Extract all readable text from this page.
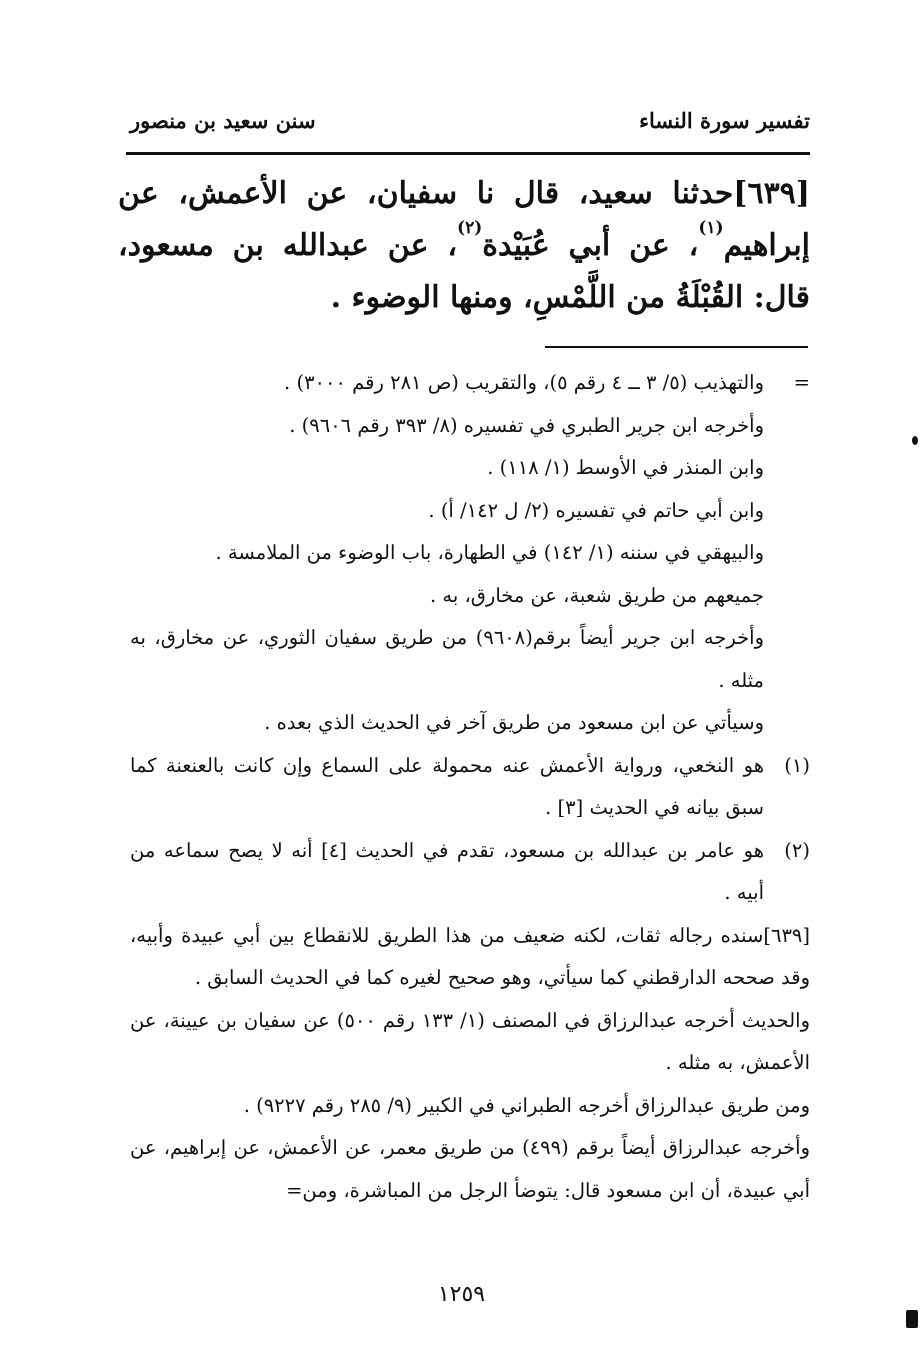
تفسير سورة النساء
سنن سعيد بن منصور
[٦٣٩]حدثنا سعيد، قال نا سفيان، عن الأعمش، عن إبراهيم$^{(١)}$، عن أبي عُبَيْدة$^{(٢)}$، عن عبدالله بن مسعود، قال: القُبْلَةُ من اللَّمْسِ، ومنها الوضوء .
=
والتهذيب (٥/ ٣ ــ ٤ رقم ٥)، والتقريب (ص ٢٨١ رقم ٣٠٠٠) .
وأخرجه ابن جرير الطبري في تفسيره (٨/ ٣٩٣ رقم ٩٦٠٦) .
وابن المنذر في الأوسط (١/ ١١٨) .
وابن أبي حاتم في تفسيره (٢/ ل ١٤٢/ أ) .
والبيهقي في سننه (١/ ١٤٢) في الطهارة، باب الوضوء من الملامسة .
جميعهم من طريق شعبة، عن مخارق، به .
وأخرجه ابن جرير أيضاً برقم(٩٦٠٨) من طريق سفيان الثوري، عن مخارق، به مثله .
وسيأتي عن ابن مسعود من طريق آخر في الحديث الذي بعده .
(١)
هو النخعي، ورواية الأعمش عنه محمولة على السماع وإن كانت بالعنعنة كما سبق بيانه في الحديث [٣] .
(٢)
هو عامر بن عبدالله بن مسعود، تقدم في الحديث [٤] أنه لا يصح سماعه من أبيه .
[٦٣٩]سنده رجاله ثقات، لكنه ضعيف من هذا الطريق للانقطاع بين أبي عبيدة وأبيه، وقد صححه الدارقطني كما سيأتي، وهو صحيح لغيره كما في الحديث السابق .
والحديث أخرجه عبدالرزاق في المصنف (١/ ١٣٣ رقم ٥٠٠) عن سفيان بن عيينة، عن الأعمش، به مثله .
ومن طريق عبدالرزاق أخرجه الطبراني في الكبير (٩/ ٢٨٥ رقم ٩٢٢٧) .
وأخرجه عبدالرزاق أيضاً برقم (٤٩٩) من طريق معمر، عن الأعمش، عن إبراهيم، عن أبي عبيدة، أن ابن مسعود قال: يتوضأ الرجل من المباشرة، ومن=
١٢٥٩
